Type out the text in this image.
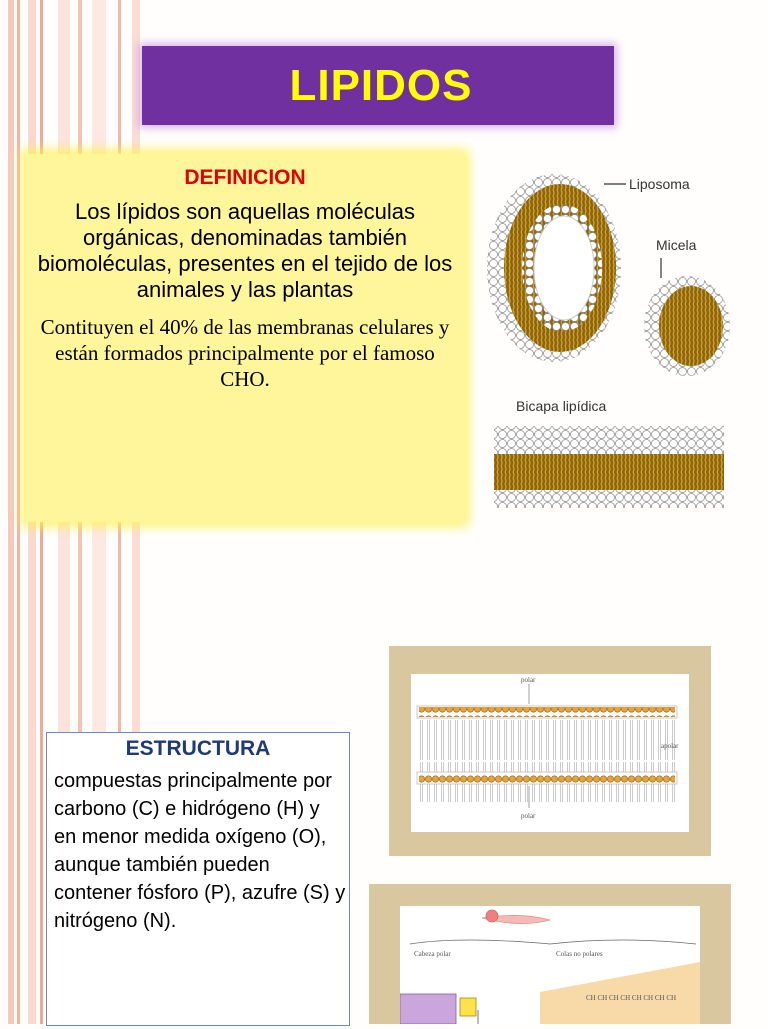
LIPIDOS
DEFINICION
Los lípidos son aquellas moléculas orgánicas, denominadas también biomoléculas, presentes en el tejido de los animales y las plantas
Contituyen el 40% de las membranas celulares y están formados principalmente por el famoso CHO.
Liposoma
Micela
Bicapa lipídica
ESTRUCTURA
compuestas principalmente por carbono (C) e hidrógeno (H) y en menor medida oxígeno (O), aunque también pueden contener fósforo (P), azufre (S) y nitrógeno (N).
polar
polar
apolar
Cabeza polar	Colas no polares
CH CH CH CH CH CH CH CH
